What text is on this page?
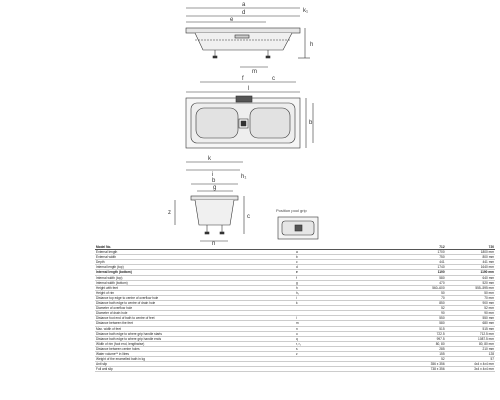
a
d
e
k₁
h
m
f	c
l
b
k
i
b
g
h₁
c
z
n
Position pool grip
Model No.		712	720
External length	a	1700	1800 mm
External width	b	750	800 mm
Depth	c	441	441 mm
Internal length (top)	d	1740	1640 mm
Internal length (bottom)	e	1190	1190 mm
Internal width (top)	f	580	640 mm
Internal width (bottom)	g	470	520 mm
Height with feet	h	560–600	555–595 mm
Height of rim	h₁	50	50 mm
Distance top edge to centre of overflow hole	i	70	70 mm
Distance bath edge to centre of drain hole	k	850	900 mm
Diameter of overflow hole		52	52 mm
Diameter of drain hole		90	90 mm
Distance foot end of bath to centre of feet	l	550	550 mm
Distance between the feet	m	580	680 mm
Max. width of feet	n	515	515 mm
Distance bath edge to where grip handle starts	o	722.5	712.5 mm
Distance bath edge to where grip handle ends	q	997.5	1087.5 mm
Width of rim (foot end, lengthwise)	r, r₁	80, 80	80, 80 mm
Distance between centre holes	s	285	210 mm
Water volume** in litres	z	155	128
Weight of the enamelled bath in kg		52	57
Anti slip		356 x 356	4x4 x 4x4 mm
Full anti slip		738 x 356	3x4 x 4x4 mm
